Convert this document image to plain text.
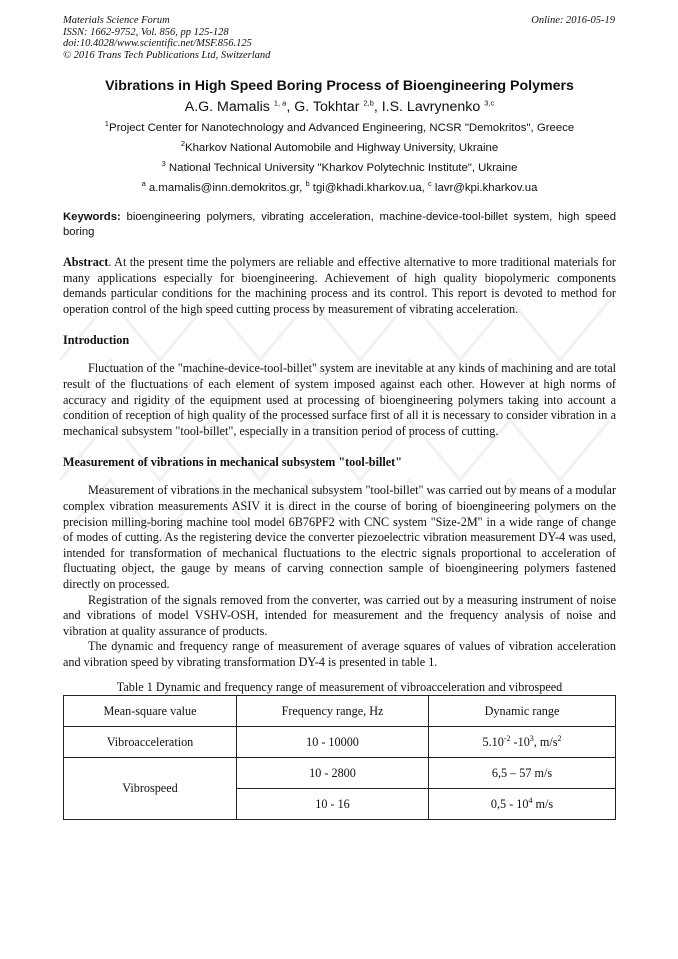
Materials Science Forum
ISSN: 1662-9752, Vol. 856, pp 125-128
doi:10.4028/www.scientific.net/MSF.856.125
© 2016 Trans Tech Publications Ltd, Switzerland
Online: 2016-05-19
Vibrations in High Speed Boring Process of Bioengineering Polymers
A.G. Mamalis $^{1, a}$, G. Tokhtar $^{2,b}$, I.S. Lavrynenko $^{3,c}$
$^1$Project Center for Nanotechnology and Advanced Engineering, NCSR "Demokritos", Greece
$^2$Kharkov National Automobile and Highway University, Ukraine
$^3$ National Technical University "Kharkov Polytechnic Institute", Ukraine
$^a$ a.mamalis@inn.demokritos.gr, $^b$ tgi@khadi.kharkov.ua, $^c$ lavr@kpi.kharkov.ua
Keywords: bioengineering polymers, vibrating acceleration, machine-device-tool-billet system, high speed boring
Abstract. At the present time the polymers are reliable and effective alternative to more traditional materials for many applications especially for bioengineering. Achievement of high quality biopolymeric components demands particular conditions for the machining process and its control. This report is devoted to method for operation control of the high speed cutting process by measurement of vibrating acceleration.
Introduction
Fluctuation of the "machine-device-tool-billet" system are inevitable at any kinds of machining and are total result of the fluctuations of each element of system imposed against each other. However at high norms of accuracy and rigidity of the equipment used at processing of bioengineering polymers taking into account a condition of reception of high quality of the processed surface first of all it is necessary to consider vibration in a mechanical subsystem "tool-billet", especially in a transition period of process of cutting.
Measurement of vibrations in mechanical subsystem "tool-billet"
Measurement of vibrations in the mechanical subsystem "tool-billet" was carried out by means of a modular complex vibration measurements ASIV it is direct in the course of boring of bioengineering polymers on the precision milling-boring machine tool model 6B76PF2 with CNC system "Size-2M" in a wide range of change of modes of cutting. As the registering device the converter piezoelectric vibration measurement DY-4 was used, intended for transformation of mechanical fluctuations to the electric signals proportional to acceleration of fluctuating object, the gauge by means of carving connection sample of bioengineering polymers fastened directly on processed.
Registration of the signals removed from the converter, was carried out by a measuring instrument of noise and vibrations of model VSHV-OSH, intended for measurement and the frequency analysis of noise and vibration at quality assurance of products.
The dynamic and frequency range of measurement of average squares of values of vibration acceleration and vibration speed by vibrating transformation DY-4 is presented in table 1.
Table 1 Dynamic and frequency range of measurement of vibroacceleration and vibrospeed
Mean-square value	Frequency range, Hz	Dynamic range
Vibroacceleration	10 - 10000	$5.10^{-2}$ $-10^3$, $m/s^2$
Vibrospeed	10 - 2800	6,5 – 57 m/s
	10 - 16	$0,5 - 10^4$ m/s
